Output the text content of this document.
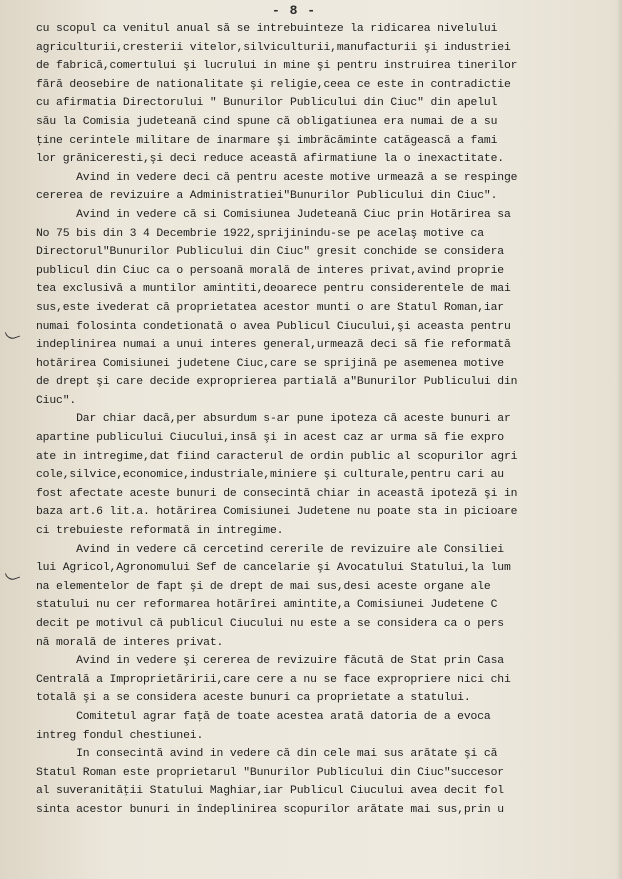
- 8 -
cu scopul ca venitul anual să se intrebuinteze la ridicarea nivelului
agriculturii,cresterii vitelor,silviculturii,manufacturii şi industriei
de fabrică,comertului şi lucrului in mine şi pentru instruirea tinerilor
fără deosebire de nationalitate şi religie,ceea ce este in contradictie
cu afirmatia Directorului " Bunurilor Publicului din Ciuc" din apelul
său la Comisia judeteană cind spune că obligatiunea era numai de a su
ţine cerintele militare de inarmare şi imbrăcăminte catăgească a fami
lor grăniceresti,şi deci reduce această afirmatiune la o inexactitate.
Avind in vedere deci că pentru aceste motive urmează a se respinge
cererea de revizuire a Administratiei"Bunurilor Publicului din Ciuc".
Avind in vedere că si Comisiunea Judeteană Ciuc prin Hotărirea sa
No 75 bis din 3 4 Decembrie 1922,sprijinindu-se pe acelaş motive ca
Directorul"Bunurilor Publicului din Ciuc" gresit conchide se considera
publicul din Ciuc ca o persoană morală de interes privat,avind proprie
tea exclusivă a muntilor amintiti,deoarece pentru considerentele de mai
sus,este ivederat că proprietatea acestor munti o are Statul Roman,iar
numai folosinta condetionată o avea Publicul Ciucului,şi aceasta pentru
indeplinirea numai a unui interes general,urmează deci să fie reformată
hotărirea Comisiunei judetene Ciuc,care se sprijină pe asemenea motive
de drept şi care decide exproprierea partială a"Bunurilor Publicului din
Ciuc".
Dar chiar dacă,per absurdum s-ar pune ipoteza că aceste bunuri ar
apartine publicului Ciucului,insă şi in acest caz ar urma să fie expro
ate in intregime,dat fiind caracterul de ordin public al scopurilor agri
cole,silvice,economice,industriale,miniere şi culturale,pentru cari au
fost afectate aceste bunuri de consecintă chiar in această ipoteză şi in
baza art.6 lit.a. hotărirea Comisiunei Judetene nu poate sta in picioare
ci trebuieste reformată in intregime.
Avind in vedere că cercetind cererile de revizuire ale Consiliei
lui Agricol,Agronomului Sef de cancelarie şi Avocatului Statului,la lum
na elementelor de fapt şi de drept de mai sus,desi aceste organe ale
statului nu cer reformarea hotărîrei amintite,a Comisiunei Judetene C
decit pe motivul că publicul Ciucului nu este a se considera ca o pers
nă morală de interes privat.
Avind in vedere şi cererea de revizuire făcută de Stat prin Casa
Centrală a Improprietăririi,care cere a nu se face expropriere nici chi
totală şi a se considera aceste bunuri ca proprietate a statului.
Comitetul agrar faţă de toate acestea arată datoria de a evoca
intreg fondul chestiunei.
In consecintă avind in vedere că din cele mai sus arătate şi că
Statul Roman este proprietarul "Bunurilor Publicului din Ciuc"succesor
al suveranităţii Statului Maghiar,iar Publicul Ciucului avea decit fol
sinta acestor bunuri in îndeplinirea scopurilor arătate mai sus,prin u
